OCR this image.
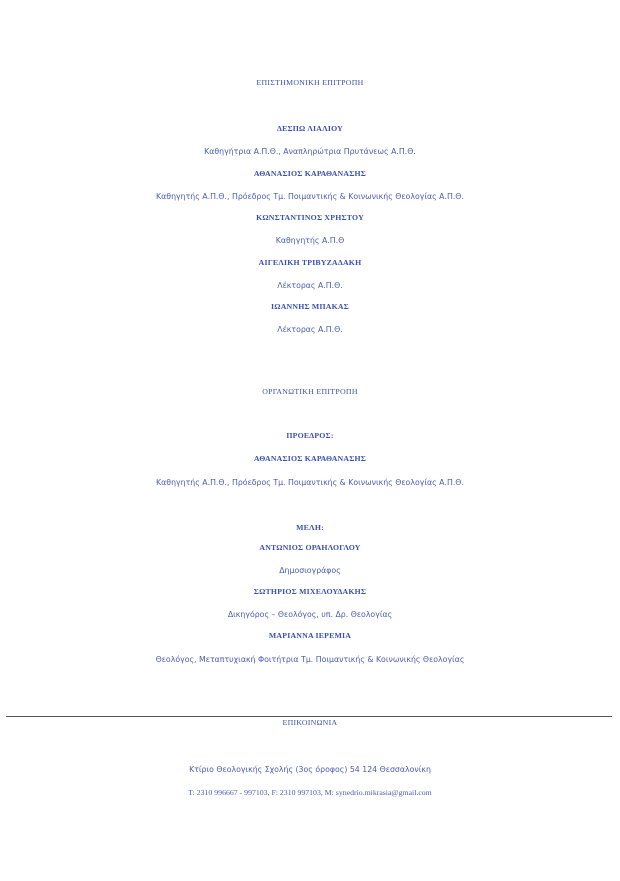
ΕΠΙΣΤΗΜΟΝΙΚΗ ΕΠΙΤΡΟΠΗ
ΔΕΣΠΩ ΛΙΑΛΙΟΥ
Καθηγήτρια Α.Π.Θ., Αναπληρώτρια Πρυτάνεως Α.Π.Θ.
ΑΘΑΝΑΣΙΟΣ ΚΑΡΑΘΑΝΑΣΗΣ
Καθηγητής Α.Π.Θ., Πρόεδρος Τμ. Ποιμαντικής & Κοινωνικής Θεολογίας Α.Π.Θ.
ΚΩΝΣΤΑΝΤΙΝΟΣ ΧΡΗΣΤΟΥ
Καθηγητής Α.Π.Θ
ΑΙΓΕΛΙΚΗ ΤΡΙΒΥΖΑΔΑΚΗ
Λέκτορας Α.Π.Θ.
ΙΩΑΝΝΗΣ ΜΠΑΚΑΣ
Λέκτορας Α.Π.Θ.
ΟΡΓΑΝΩΤΙΚΗ ΕΠΙΤΡΟΠΗ
ΠΡΟΕΔΡΟΣ:
ΑΘΑΝΑΣΙΟΣ ΚΑΡΑΘΑΝΑΣΗΣ
Καθηγητής Α.Π.Θ., Πρόεδρος Τμ. Ποιμαντικής & Κοινωνικής Θεολογίας Α.Π.Θ.
ΜΕΛΗ:
ΑΝΤΩΝΙΟΣ ΟΡΑΗΛΟΓΛΟΥ
Δημοσιογράφος
ΣΩΤΗΡΙΟΣ ΜΙΧΕΛΟΥΔΑΚΗΣ
Δικηγόρος – Θεολόγος, υπ. Δρ. Θεολογίας
ΜΑΡΙΑΝΝΑ ΙΕΡΕΜΙΑ
Θεολόγος, Μεταπτυχιακή Φοιτήτρια Τμ. Ποιμαντικής & Κοινωνικής Θεολογίας
ΕΠΙΚΟΙΝΩΝΙΑ
Κτίριο Θεολογικής Σχολής (3ος όροφος) 54 124 Θεσσαλονίκη
T: 2310 996667 - 997103, F: 2310 997103, M: synedrio.mikrasia@gmail.com
